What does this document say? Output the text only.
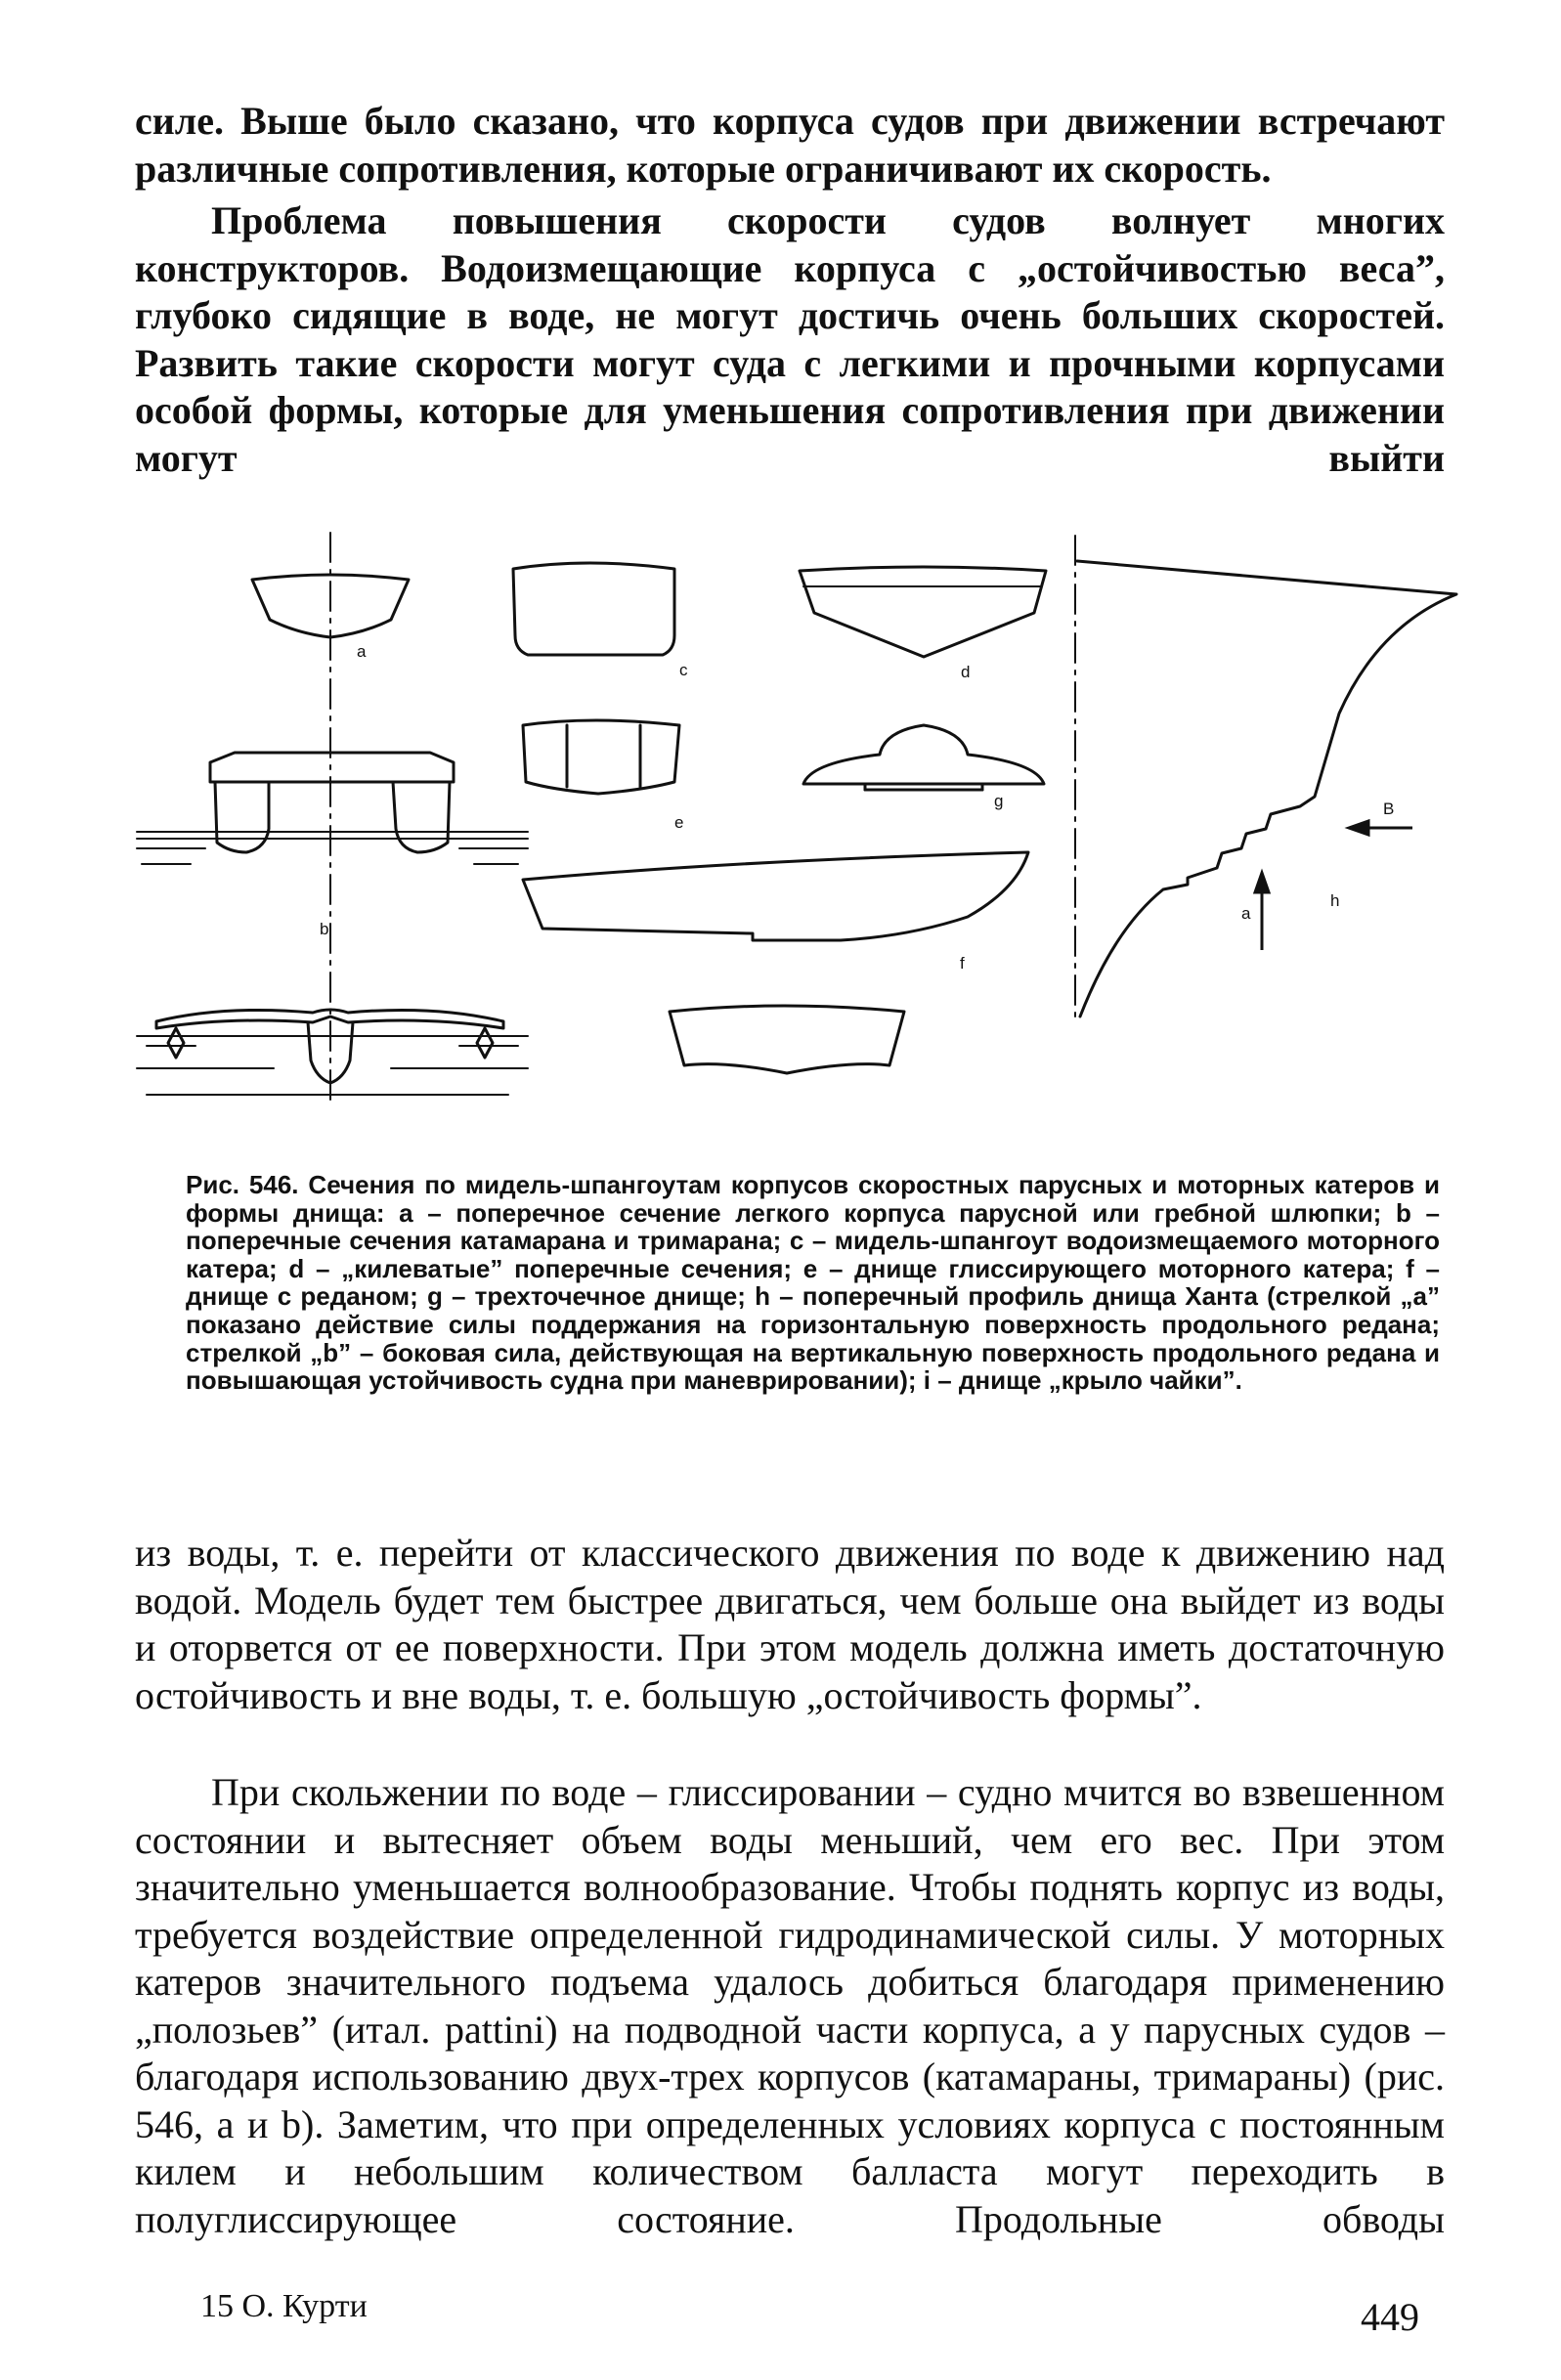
силе. Выше было сказано, что корпуса судов при движении встречают различные сопротивления, которые ограничивают их скорость.

Проблема повышения скорости судов волнует многих конструкторов. Водоизмещающие корпуса с „остойчивостью веса”, глубоко сидящие в воде, не могут достичь очень больших скоростей. Развить такие скорости могут суда с легкими и прочными корпусами особой формы, которые для уменьшения сопротивления при движении могут выйти

a
c	d
e
g
b
f
h
a
B

Рис. 546. Сечения по мидель-шпангоутам корпусов скоростных парусных и моторных катеров и формы днища: a – поперечное сечение легкого корпуса парусной или гребной шлюпки; b – поперечные сечения катамарана и тримарана; c – мидель-шпангоут водоизмещаемого моторного катера; d – „килеватые” поперечные сечения; e – днище глиссирующего моторного катера; f – днище с реданом; g – трехточечное днище; h – поперечный профиль днища Ханта (стрелкой „a” показано действие силы поддержания на горизонтальную поверхность продольного редана; стрелкой „b” – боковая сила, действующая на вертикальную поверхность продольного редана и повышающая устойчивость судна при маневрировании); i – днище „крыло чайки”.

из воды, т. е. перейти от классического движения по воде к движению над водой. Модель будет тем быстрее двигаться, чем больше она выйдет из воды и оторвется от ее поверхности. При этом модель должна иметь достаточную остойчивость и вне воды, т. е. большую „остойчивость формы”.

При скольжении по воде – глиссировании – судно мчится во взвешенном состоянии и вытесняет объем воды меньший, чем его вес. При этом значительно уменьшается волнообразование. Чтобы поднять корпус из воды, требуется воздействие определенной гидродинамической силы. У моторных катеров значительного подъема удалось добиться благодаря применению „полозьев” (итал. pattini) на подводной части корпуса, а у парусных судов – благодаря использованию двух-трех корпусов (катамараны, тримараны) (рис. 546, a и b). Заметим, что при определенных условиях корпуса с постоянным килем и небольшим количеством балласта могут переходить в полуглиссирующее состояние. Продольные обводы

15 О. Курти	449
